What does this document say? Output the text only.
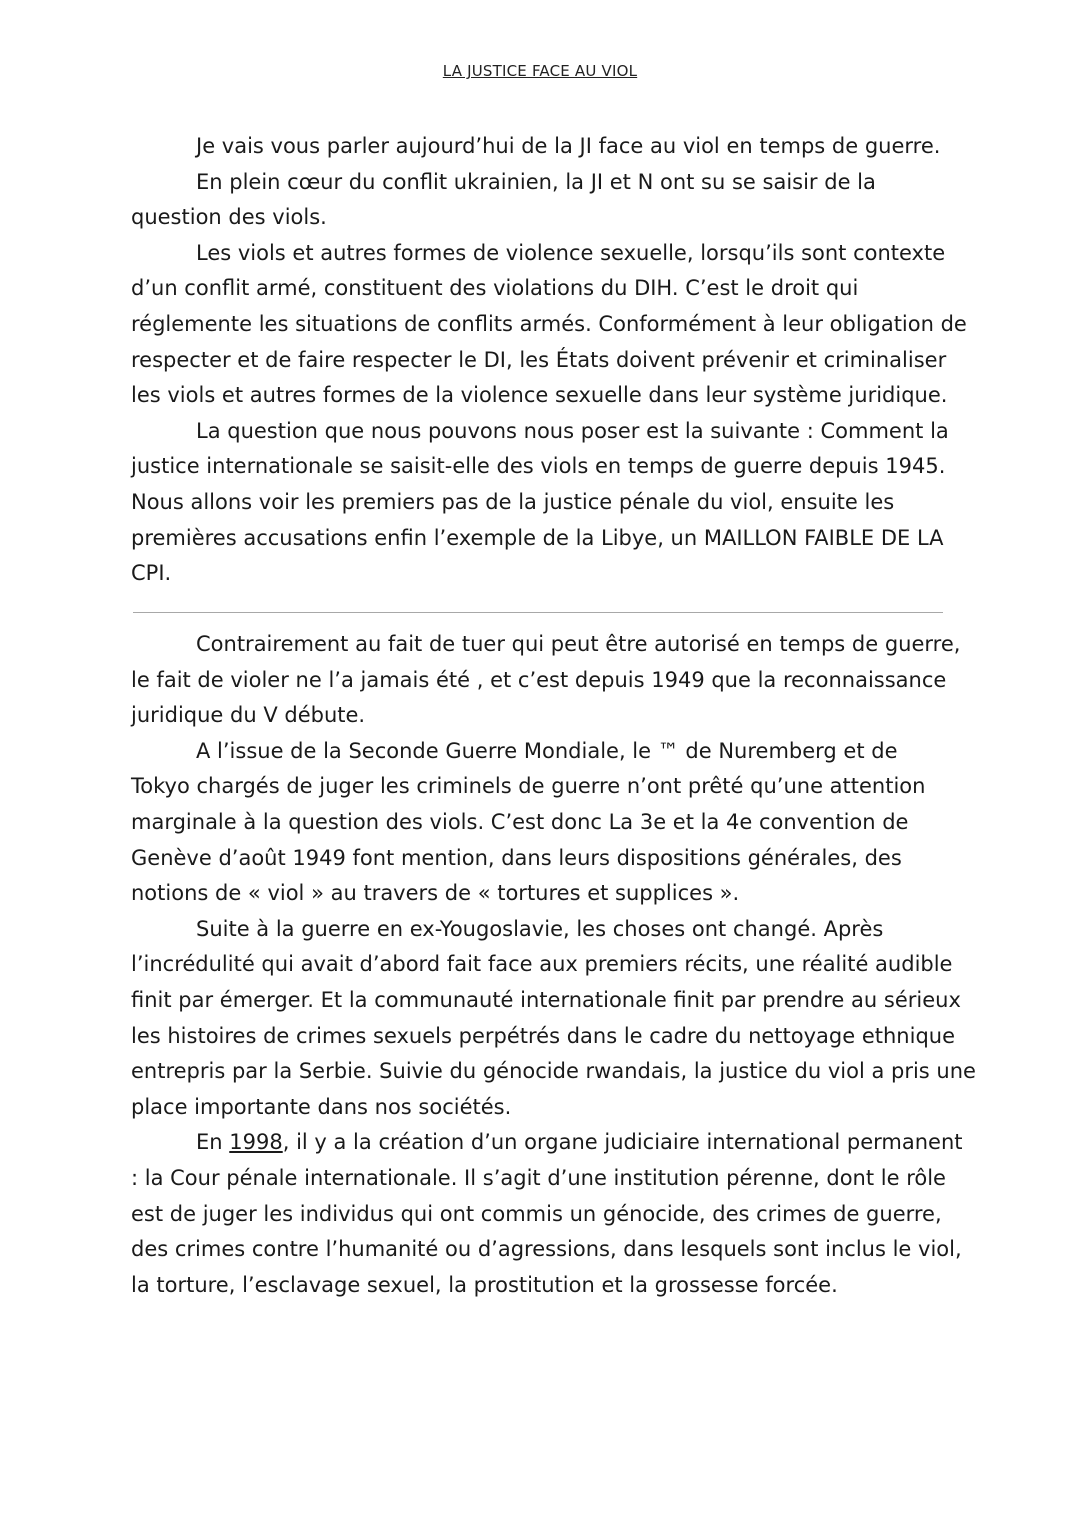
LA JUSTICE FACE AU VIOL

Je vais vous parler aujourd’hui de la JI face au viol en temps de guerre.

En plein cœur du conflit ukrainien, la JI et N ont su se saisir de la
question des viols.

Les viols et autres formes de violence sexuelle, lorsqu’ils sont contexte
d’un conflit armé, constituent des violations du DIH. C’est le droit qui
réglemente les situations de conflits armés. Conformément à leur obligation de
respecter et de faire respecter le DI, les États doivent prévenir et criminaliser
les viols et autres formes de la violence sexuelle dans leur système juridique.

La question que nous pouvons nous poser est la suivante : Comment la
justice internationale se saisit-elle des viols en temps de guerre depuis 1945.
Nous allons voir les premiers pas de la justice pénale du viol, ensuite les
premières accusations enfin l’exemple de la Libye, un MAILLON FAIBLE DE LA
CPI.

Contrairement au fait de tuer qui peut être autorisé en temps de guerre,
le fait de violer ne l’a jamais été , et c’est depuis 1949 que la reconnaissance
juridique du V débute.

A l’issue de la Seconde Guerre Mondiale, le ™ de Nuremberg et de
Tokyo chargés de juger les criminels de guerre n’ont prêté qu’une attention
marginale à la question des viols. C’est donc La 3e et la 4e convention de
Genève d’août 1949 font mention, dans leurs dispositions générales, des
notions de « viol » au travers de « tortures et supplices ».

Suite à la guerre en ex-Yougoslavie, les choses ont changé. Après
l’incrédulité qui avait d’abord fait face aux premiers récits, une réalité audible
finit par émerger. Et la communauté internationale finit par prendre au sérieux
les histoires de crimes sexuels perpétrés dans le cadre du nettoyage ethnique
entrepris par la Serbie. Suivie du génocide rwandais, la justice du viol a pris une
place importante dans nos sociétés.

En 1998, il y a la création d’un organe judiciaire international permanent
: la Cour pénale internationale. Il s’agit d’une institution pérenne, dont le rôle
est de juger les individus qui ont commis un génocide, des crimes de guerre,
des crimes contre l’humanité ou d’agressions, dans lesquels sont inclus le viol,
la torture, l’esclavage sexuel, la prostitution et la grossesse forcée.
